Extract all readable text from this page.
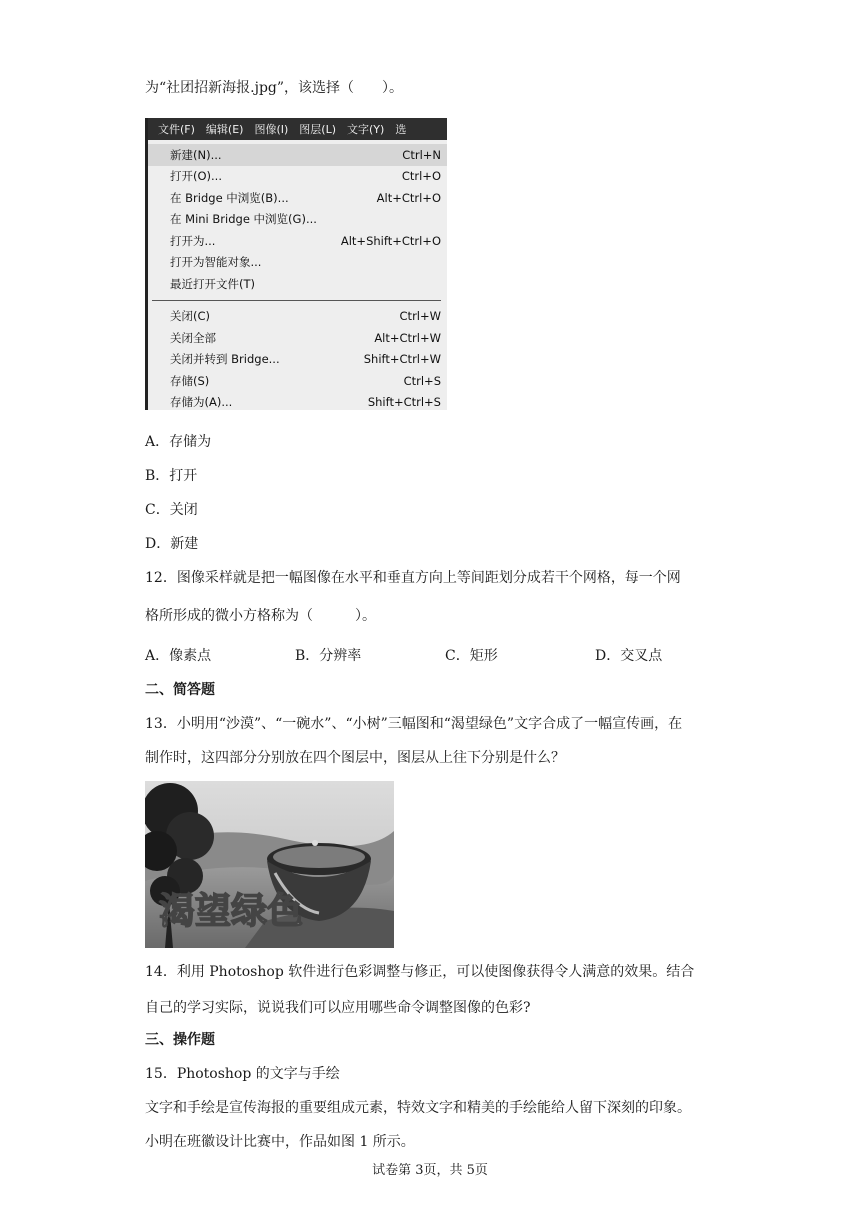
为“社团招新海报.jpg”，该选择（　　）。
文件(F) 编辑(E) 图像(I) 图层(L) 文字(Y) 选
新建(N)...	Ctrl+N
打开(O)...	Ctrl+O
在 Bridge 中浏览(B)...	Alt+Ctrl+O
在 Mini Bridge 中浏览(G)...
打开为...	Alt+Shift+Ctrl+O
打开为智能对象...
最近打开文件(T)
关闭(C)	Ctrl+W
关闭全部	Alt+Ctrl+W
关闭并转到 Bridge...	Shift+Ctrl+W
存储(S)	Ctrl+S
存储为(A)...	Shift+Ctrl+S
A．存储为
B．打开
C．关闭
D．新建
12．图像采样就是把一幅图像在水平和垂直方向上等间距划分成若干个网格，每一个网
格所形成的微小方格称为（　　　）。
A．像素点	B．分辨率	C．矩形	D．交叉点
二、简答题
13．小明用“沙漠”、“一碗水”、“小树”三幅图和“渴望绿色”文字合成了一幅宣传画，在
制作时，这四部分分别放在四个图层中，图层从上往下分别是什么？
渴望绿色
14．利用 Photoshop 软件进行色彩调整与修正，可以使图像获得令人满意的效果。结合
自己的学习实际，说说我们可以应用哪些命令调整图像的色彩?
三、操作题
15．Photoshop 的文字与手绘
文字和手绘是宣传海报的重要组成元素，特效文字和精美的手绘能给人留下深刻的印象。
小明在班徽设计比赛中，作品如图 1 所示。
试卷第 3页，共 5页
